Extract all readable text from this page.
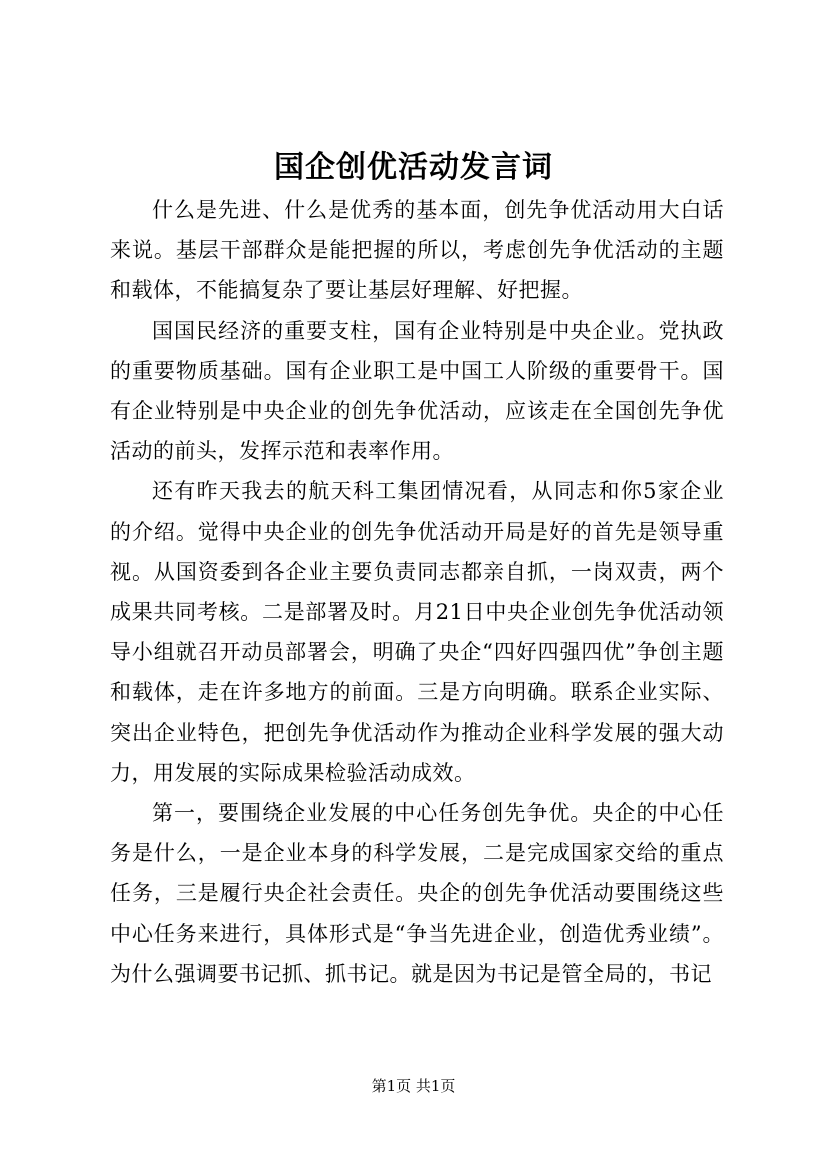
国企创优活动发言词

什么是先进、什么是优秀的基本面，创先争优活动用大白话来说。基层干部群众是能把握的所以，考虑创先争优活动的主题和载体，不能搞复杂了要让基层好理解、好把握。

国国民经济的重要支柱，国有企业特别是中央企业。党执政的重要物质基础。国有企业职工是中国工人阶级的重要骨干。国有企业特别是中央企业的创先争优活动，应该走在全国创先争优活动的前头，发挥示范和表率作用。

还有昨天我去的航天科工集团情况看，从同志和你5家企业的介绍。觉得中央企业的创先争优活动开局是好的首先是领导重视。从国资委到各企业主要负责同志都亲自抓，一岗双责，两个成果共同考核。二是部署及时。月21日中央企业创先争优活动领导小组就召开动员部署会，明确了央企“四好四强四优”争创主题和载体，走在许多地方的前面。三是方向明确。联系企业实际、突出企业特色，把创先争优活动作为推动企业科学发展的强大动力，用发展的实际成果检验活动成效。

第一，要围绕企业发展的中心任务创先争优。央企的中心任务是什么，一是企业本身的科学发展，二是完成国家交给的重点任务，三是履行央企社会责任。央企的创先争优活动要围绕这些中心任务来进行，具体形式是“争当先进企业，创造优秀业绩”。为什么强调要书记抓、抓书记。就是因为书记是管全局的，书记

第1页 共1页
